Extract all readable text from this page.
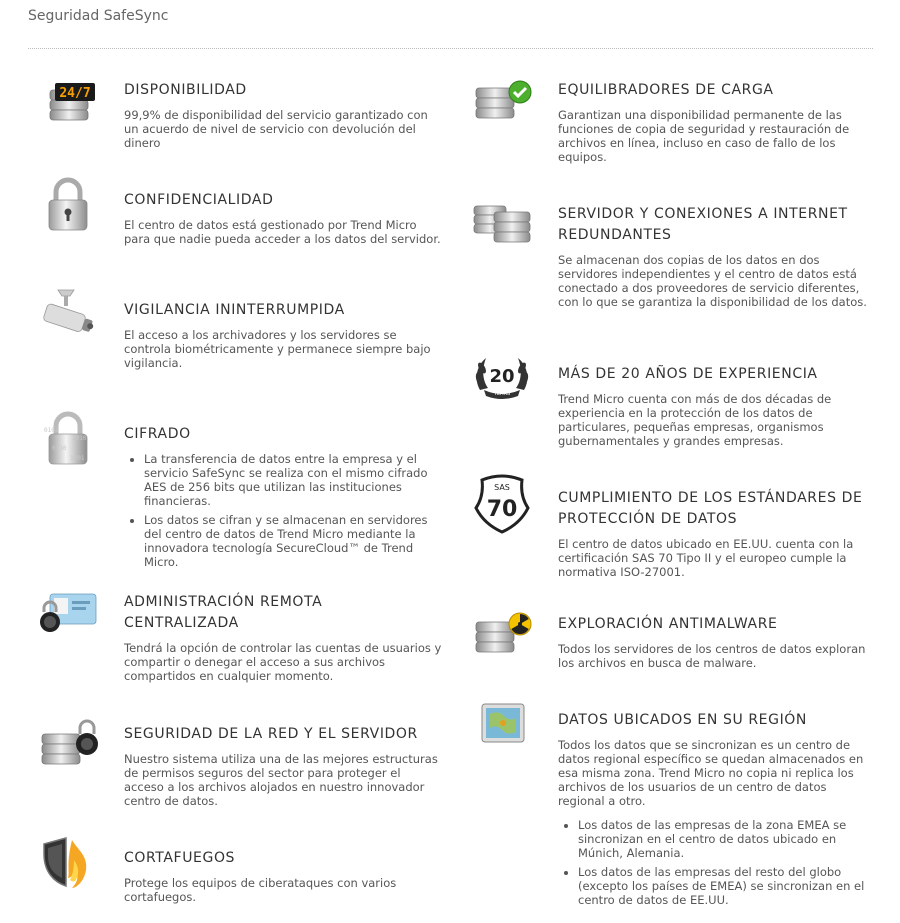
Seguridad SafeSync
24/7 DISPONIBILIDAD

99,9% de disponibilidad del servicio garantizado con un acuerdo de nivel de servicio con devolución del dinero

CONFIDENCIALIDAD

El centro de datos está gestionado por Trend Micro para que nadie pueda acceder a los datos del servidor.

VIGILANCIA ININTERRUMPIDA

El acceso a los archivadores y los servidores se controla biométricamente y permanece siempre bajo vigilancia.

0101
1010
0110
1001
CIFRADO
• La transferencia de datos entre la empresa y el servicio SafeSync se realiza con el mismo cifrado AES de 256 bits que utilizan las instituciones financieras.
• Los datos se cifran y se almacenan en servidores del centro de datos de Trend Micro mediante la innovadora tecnología SecureCloud™ de Trend Micro.
ADMINISTRACIÓN REMOTA CENTRALIZADA

Tendrá la opción de controlar las cuentas de usuarios y compartir o denegar el acceso a sus archivos compartidos en cualquier momento.

SEGURIDAD DE LA RED Y EL SERVIDOR

Nuestro sistema utiliza una de las mejores estructuras de permisos seguros del sector para proteger el acceso a los archivos alojados en nuestro innovador centro de datos.

CORTAFUEGOS

Protege los equipos de ciberataques con varios cortafuegos.

EQUILIBRADORES DE CARGA

Garantizan una disponibilidad permanente de las funciones de copia de seguridad y restauración de archivos en línea, incluso en caso de fallo de los equipos.

SERVIDOR Y CONEXIONES A INTERNET REDUNDANTES

Se almacenan dos copias de los datos en dos servidores independientes y el centro de datos está conectado a dos proveedores de servicio diferentes, con lo que se garantiza la disponibilidad de los datos.

20
YEARS
MÁS DE 20 AÑOS DE EXPERIENCIA

Trend Micro cuenta con más de dos décadas de experiencia en la protección de los datos de particulares, pequeñas empresas, organismos gubernamentales y grandes empresas.

SAS
70	CUMPLIMIENTO DE LOS ESTÁNDARES DE PROTECCIÓN DE DATOS

El centro de datos ubicado en EE.UU. cuenta con la certificación SAS 70 Tipo II y el europeo cumple la normativa ISO-27001.

EXPLORACIÓN ANTIMALWARE

Todos los servidores de los centros de datos exploran los archivos en busca de malware.

DATOS UBICADOS EN SU REGIÓN

Todos los datos que se sincronizan es un centro de datos regional específico se quedan almacenados en esa misma zona. Trend Micro no copia ni replica los archivos de los usuarios de un centro de datos regional a otro.

• Los datos de las empresas de la zona EMEA se sincronizan en el centro de datos ubicado en Múnich, Alemania.
• Los datos de las empresas del resto del globo (excepto los países de EMEA) se sincronizan en el centro de datos de EE.UU.
